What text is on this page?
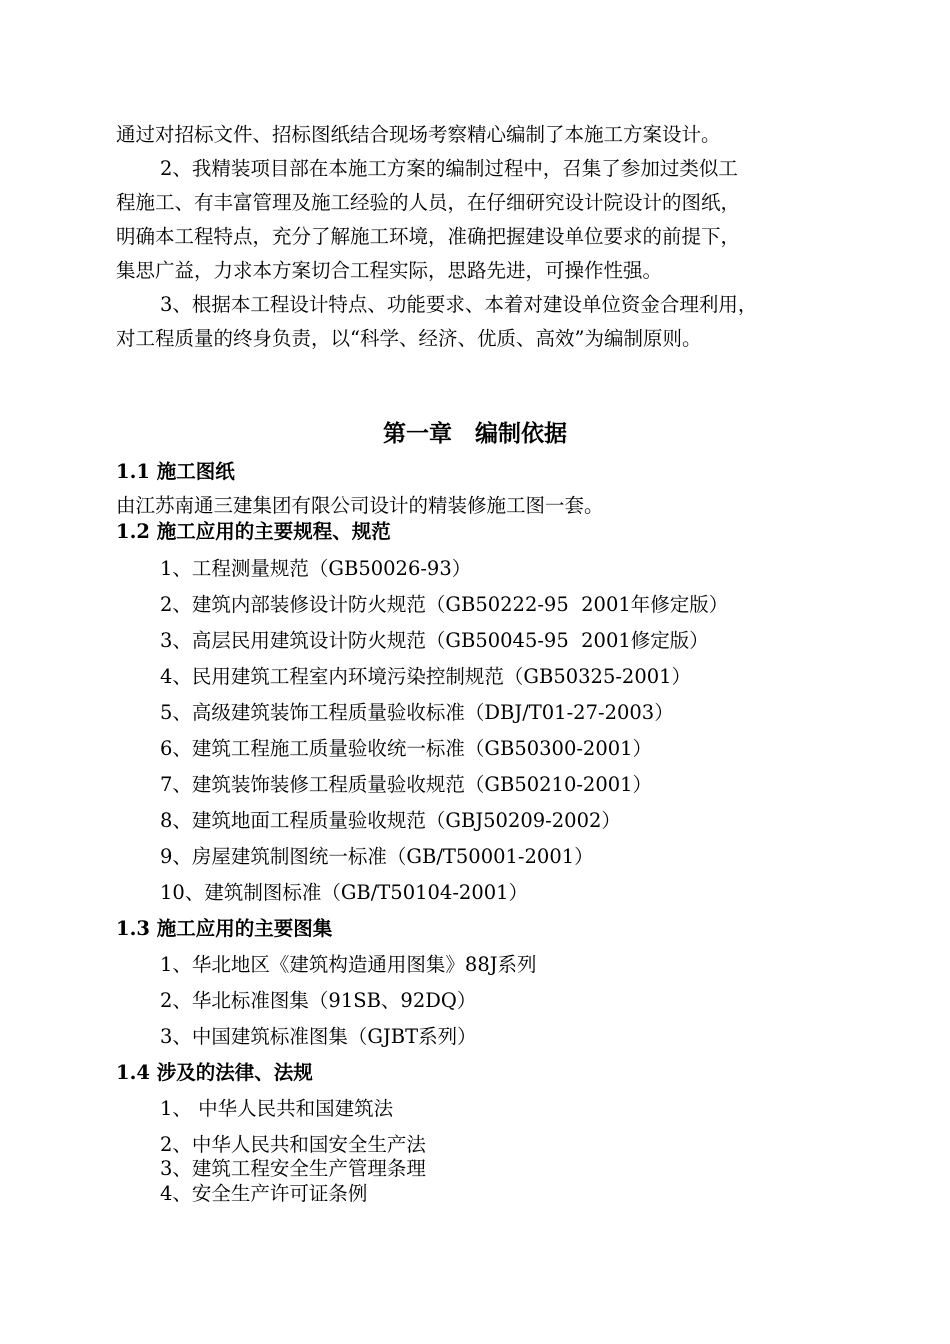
通过对招标文件、招标图纸结合现场考察精心编制了本施工方案设计。
2、我精装项目部在本施工方案的编制过程中，召集了参加过类似工
程施工、有丰富管理及施工经验的人员，在仔细研究设计院设计的图纸，
明确本工程特点，充分了解施工环境，准确把握建设单位要求的前提下，
集思广益，力求本方案切合工程实际，思路先进，可操作性强。
3、根据本工程设计特点、功能要求、本着对建设单位资金合理利用，
对工程质量的终身负责，以“科学、经济、优质、高效”为编制原则。
第一章　编制依据
1.1 施工图纸
由江苏南通三建集团有限公司设计的精装修施工图一套。
1.2 施工应用的主要规程、规范
1、工程测量规范（GB50026-93）
2、建筑内部装修设计防火规范（GB50222-95  2001年修定版）
3、高层民用建筑设计防火规范（GB50045-95  2001修定版）
4、民用建筑工程室内环境污染控制规范（GB50325-2001）
5、高级建筑装饰工程质量验收标准（DBJ/T01-27-2003）
6、建筑工程施工质量验收统一标准（GB50300-2001）
7、建筑装饰装修工程质量验收规范（GB50210-2001）
8、建筑地面工程质量验收规范（GBJ50209-2002）
9、房屋建筑制图统一标准（GB/T50001-2001）
10、建筑制图标准（GB/T50104-2001）
1.3 施工应用的主要图集
1、华北地区《建筑构造通用图集》88J系列
2、华北标准图集（91SB、92DQ）
3、中国建筑标准图集（GJBT系列）
1.4 涉及的法律、法规
1、 中华人民共和国建筑法
2、中华人民共和国安全生产法
3、建筑工程安全生产管理条理
4、安全生产许可证条例
